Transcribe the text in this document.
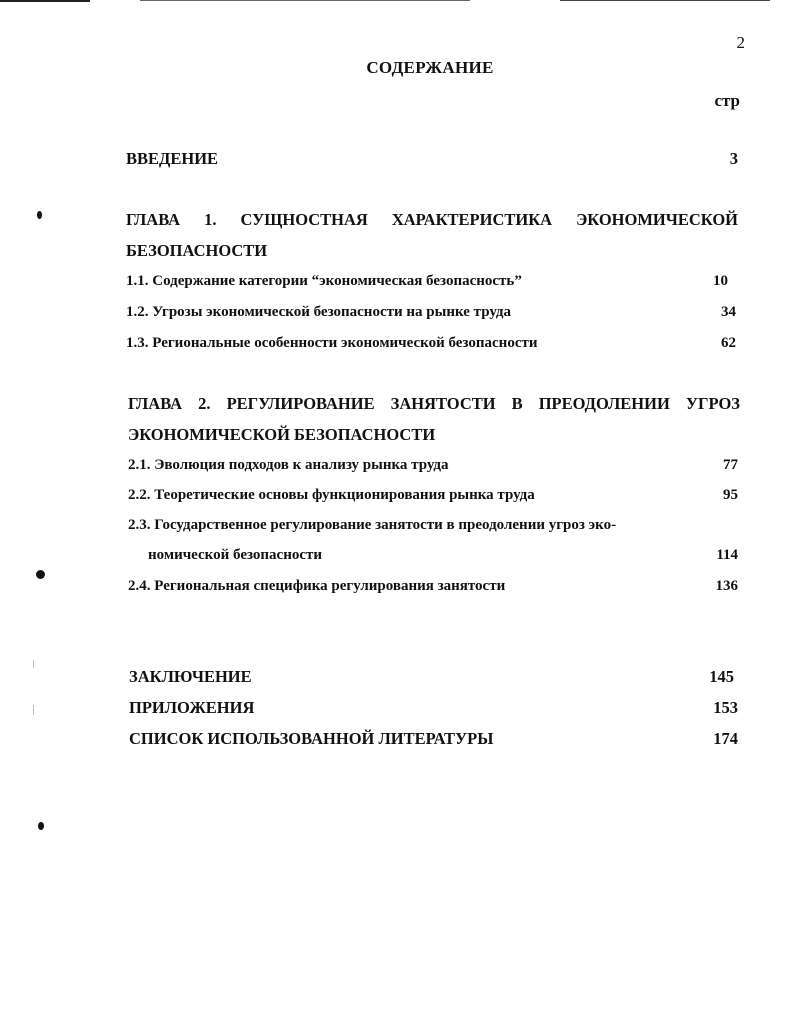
2
СОДЕРЖАНИЕ
стр
ВВЕДЕНИЕ	3
ГЛАВА 1. СУЩНОСТНАЯ ХАРАКТЕРИСТИКА ЭКОНОМИЧЕСКОЙ
БЕЗОПАСНОСТИ
1.1. Содержание категории “экономическая безопасность”	10
1.2. Угрозы экономической безопасности на рынке труда	34
1.3. Региональные особенности экономической безопасности	62
ГЛАВА 2. РЕГУЛИРОВАНИЕ ЗАНЯТОСТИ В ПРЕОДОЛЕНИИ УГРОЗ
ЭКОНОМИЧЕСКОЙ БЕЗОПАСНОСТИ
2.1. Эволюция подходов к анализу рынка труда	77
2.2. Теоретические основы функционирования рынка труда	95
2.3. Государственное регулирование занятости в преодолении угроз эко-
номической безопасности	114
2.4. Региональная специфика регулирования занятости	136
ЗАКЛЮЧЕНИЕ	145
ПРИЛОЖЕНИЯ	153
СПИСОК ИСПОЛЬЗОВАННОЙ ЛИТЕРАТУРЫ	174
